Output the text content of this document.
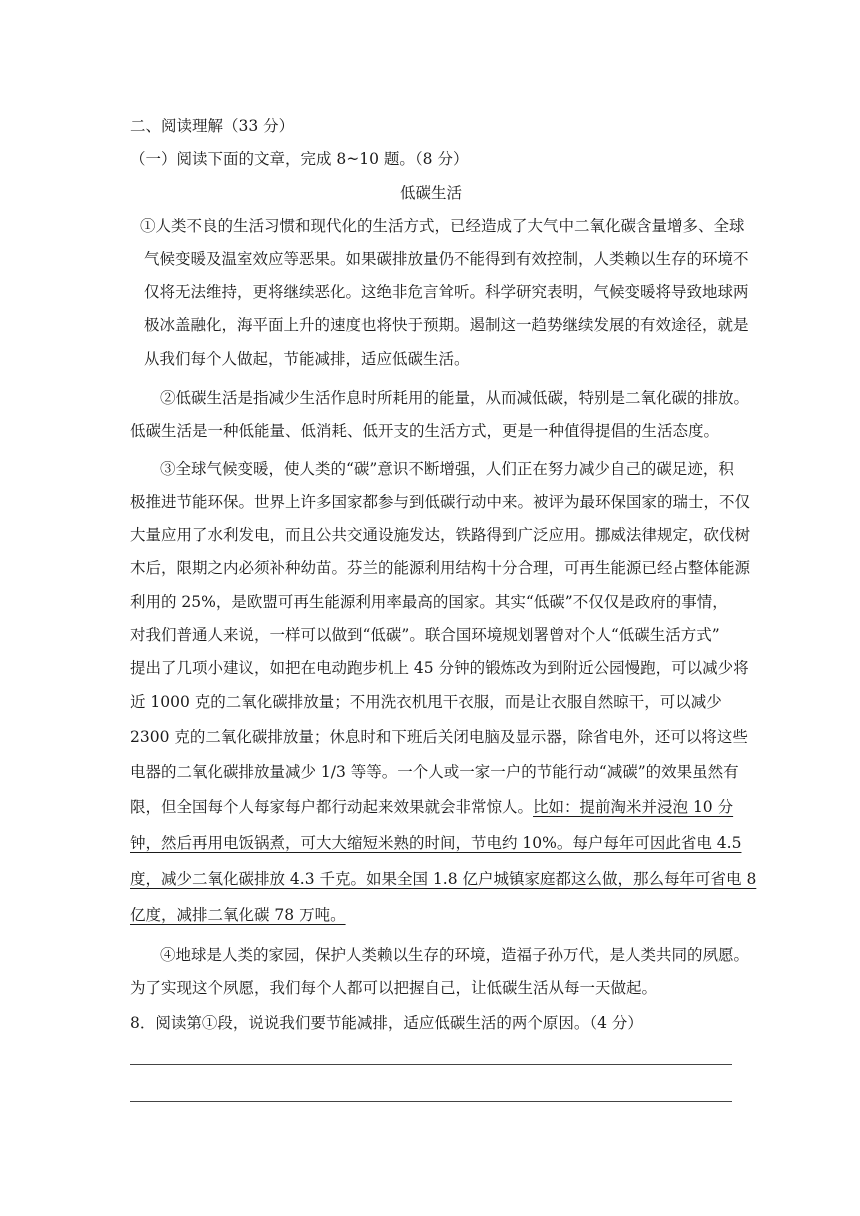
二、阅读理解（33 分）
（一）阅读下面的文章，完成 8~10 题。（8 分）
低碳生活
①人类不良的生活习惯和现代化的生活方式，已经造成了大气中二氧化碳含量增多、全球
气候变暖及温室效应等恶果。如果碳排放量仍不能得到有效控制，人类赖以生存的环境不
仅将无法维持，更将继续恶化。这绝非危言耸听。科学研究表明，气候变暖将导致地球两
极冰盖融化，海平面上升的速度也将快于预期。遏制这一趋势继续发展的有效途径，就是
从我们每个人做起，节能减排，适应低碳生活。
②低碳生活是指减少生活作息时所耗用的能量，从而减低碳，特别是二氧化碳的排放。
低碳生活是一种低能量、低消耗、低开支的生活方式，更是一种值得提倡的生活态度。
③全球气候变暖，使人类的“碳”意识不断增强，人们正在努力减少自己的碳足迹，积
极推进节能环保。世界上许多国家都参与到低碳行动中来。被评为最环保国家的瑞士，不仅
大量应用了水利发电，而且公共交通设施发达，铁路得到广泛应用。挪威法律规定，砍伐树
木后，限期之内必须补种幼苗。芬兰的能源利用结构十分合理，可再生能源已经占整体能源
利用的 25%，是欧盟可再生能源利用率最高的国家。其实“低碳”不仅仅是政府的事情，
对我们普通人来说，一样可以做到“低碳”。联合国环境规划署曾对个人“低碳生活方式”
提出了几项小建议，如把在电动跑步机上 45 分钟的锻炼改为到附近公园慢跑，可以减少将
近 1000 克的二氧化碳排放量；不用洗衣机甩干衣服，而是让衣服自然晾干，可以减少
2300 克的二氧化碳排放量；休息时和下班后关闭电脑及显示器，除省电外，还可以将这些
电器的二氧化碳排放量减少 1/3 等等。一个人或一家一户的节能行动“减碳”的效果虽然有
限，但全国每个人每家每户都行动起来效果就会非常惊人。比如：提前淘米并浸泡 10 分
钟，然后再用电饭锅煮，可大大缩短米熟的时间，节电约 10%。每户每年可因此省电 4.5
度，减少二氧化碳排放 4.3 千克。如果全国 1.8 亿户城镇家庭都这么做，那么每年可省电 8
亿度，减排二氧化碳 78 万吨。
④地球是人类的家园，保护人类赖以生存的环境，造福子孙万代，是人类共同的夙愿。
为了实现这个夙愿，我们每个人都可以把握自己，让低碳生活从每一天做起。
8．阅读第①段，说说我们要节能减排，适应低碳生活的两个原因。（4 分）
